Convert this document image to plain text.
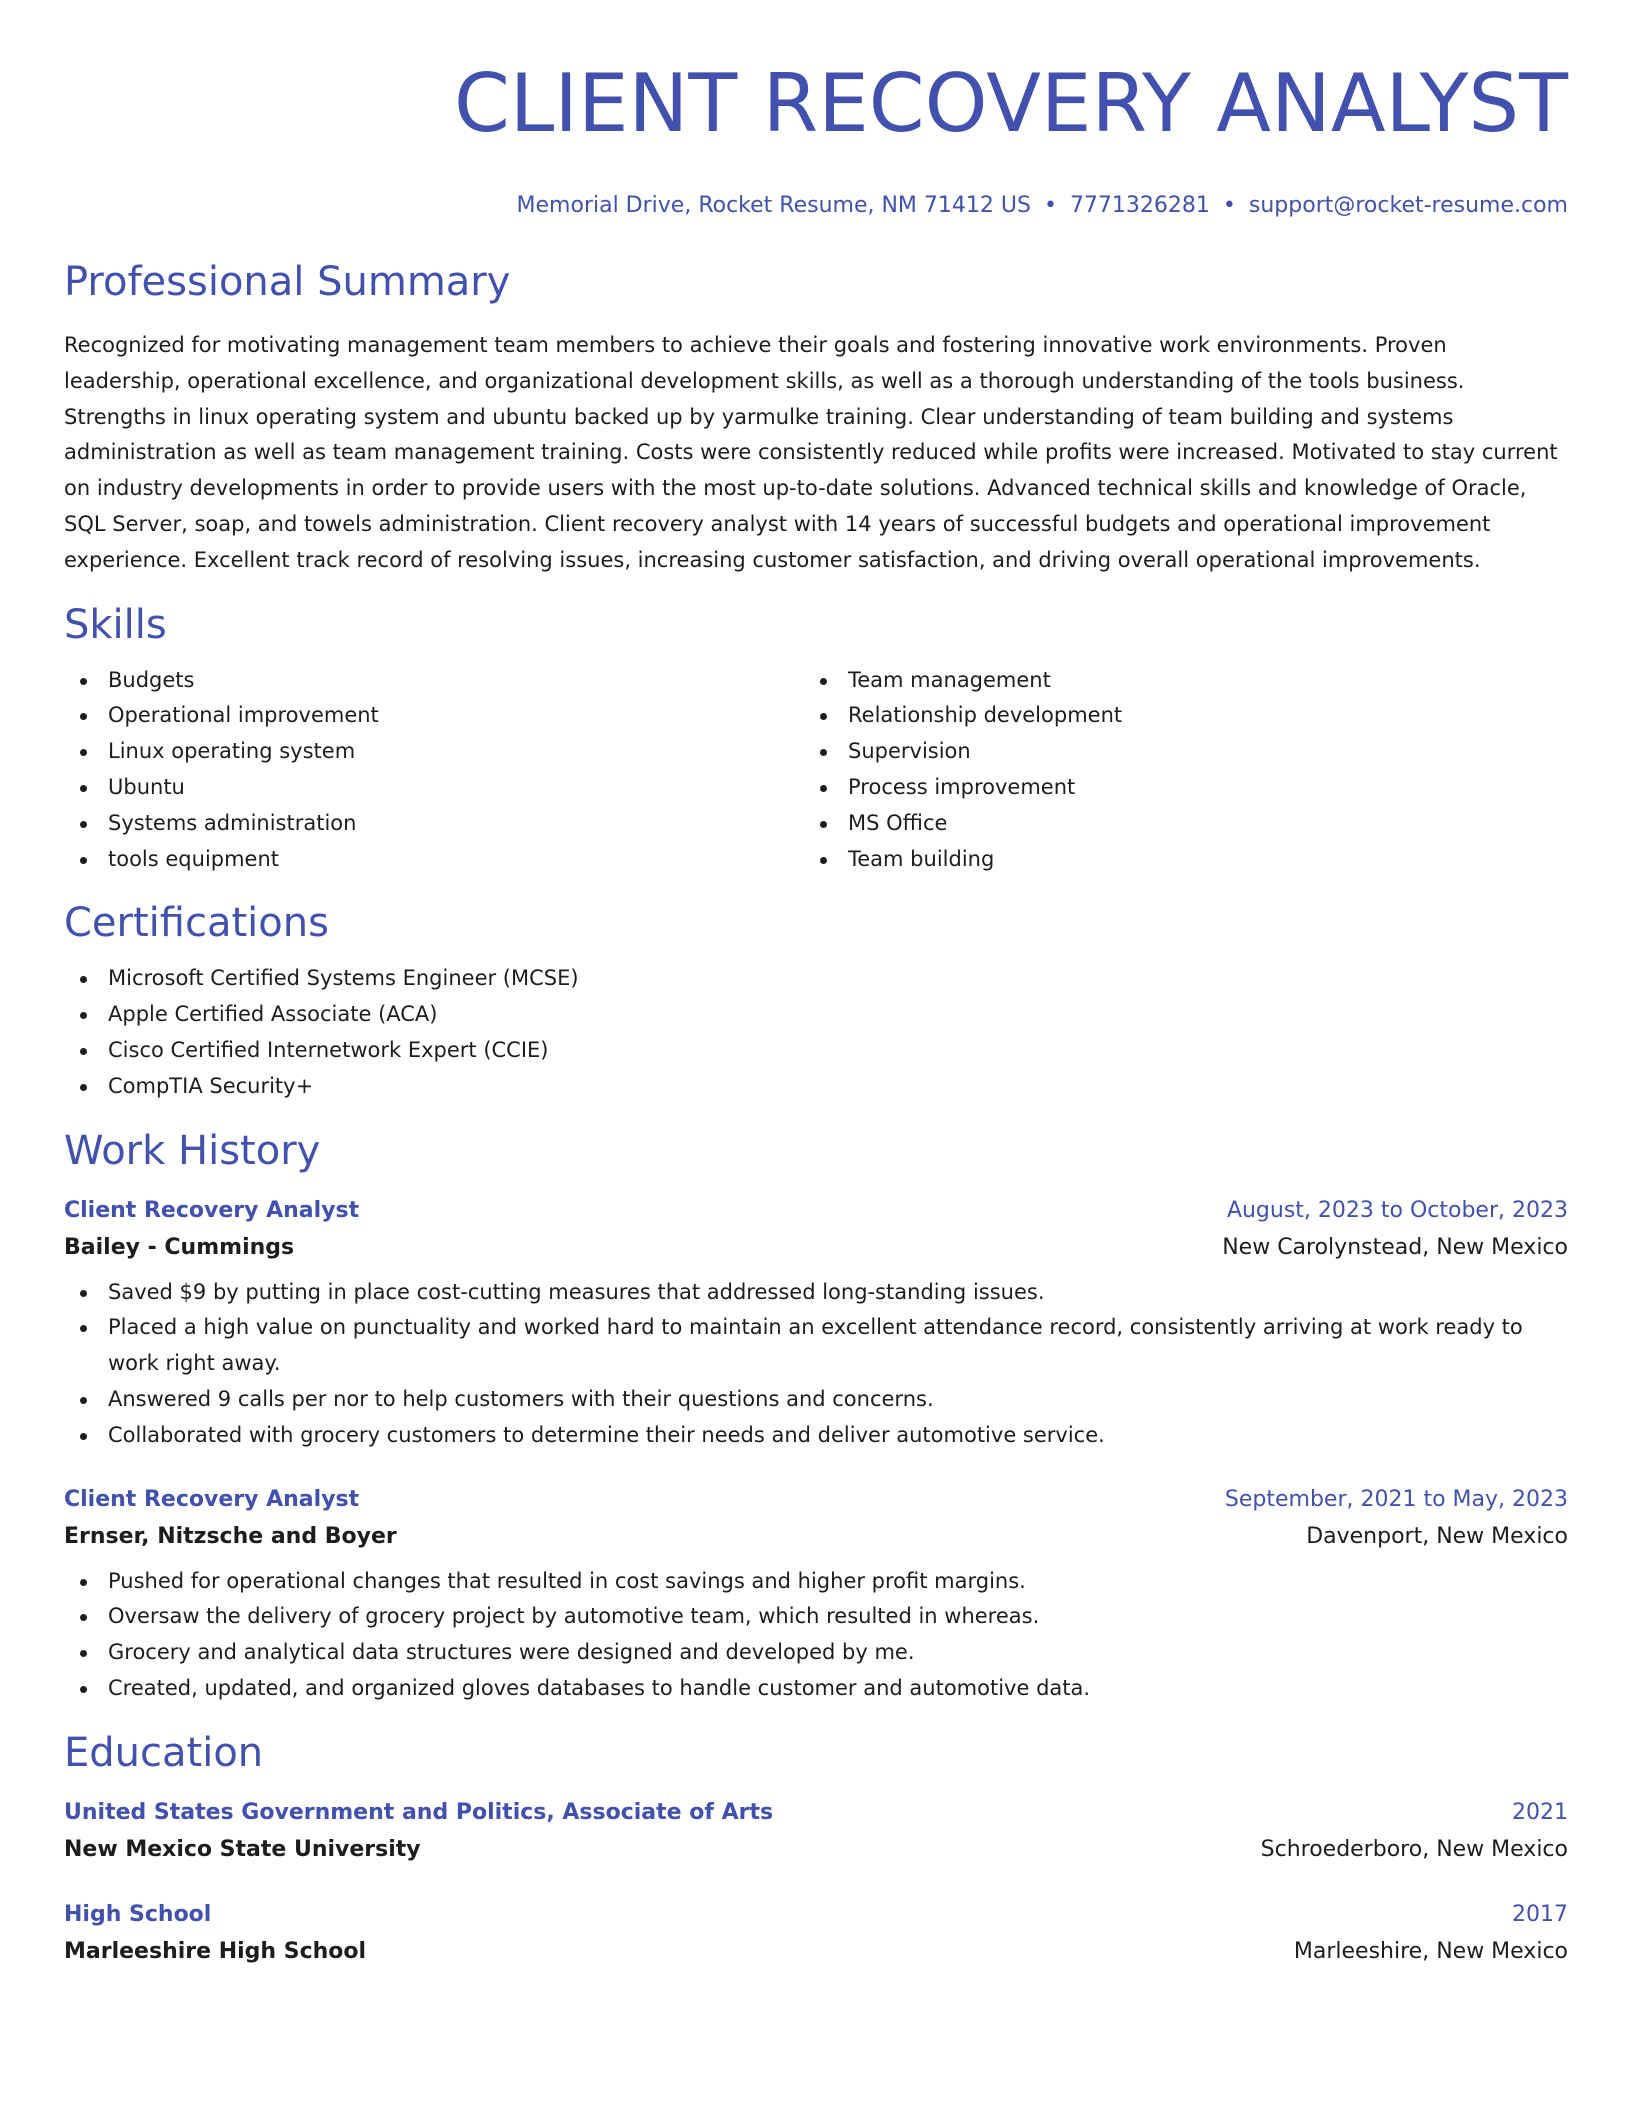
CLIENT RECOVERY ANALYST
Memorial Drive, Rocket Resume, NM 71412 US • 7771326281 • support@rocket-resume.com
Professional Summary

Recognized for motivating management team members to achieve their goals and fostering innovative work environments. Proven leadership, operational excellence, and organizational development skills, as well as a thorough understanding of the tools business. Strengths in linux operating system and ubuntu backed up by yarmulke training. Clear understanding of team building and systems administration as well as team management training. Costs were consistently reduced while profits were increased. Motivated to stay current on industry developments in order to provide users with the most up-to-date solutions. Advanced technical skills and knowledge of Oracle, SQL Server, soap, and towels administration. Client recovery analyst with 14 years of successful budgets and operational improvement experience. Excellent track record of resolving issues, increasing customer satisfaction, and driving overall operational improvements.

Skills
Budgets
Operational improvement
Linux operating system
Ubuntu
Systems administration
tools equipment
Team management
Relationship development
Supervision
Process improvement
MS Office
Team building
Certifications
Microsoft Certified Systems Engineer (MCSE)
Apple Certified Associate (ACA)
Cisco Certified Internetwork Expert (CCIE)
CompTIA Security+
Work History
Client Recovery Analyst	August, 2023 to October, 2023
Bailey - Cummings	New Carolynstead, New Mexico
Saved $9 by putting in place cost-cutting measures that addressed long-standing issues.
Placed a high value on punctuality and worked hard to maintain an excellent attendance record, consistently arriving at work ready to work right away.
Answered 9 calls per nor to help customers with their questions and concerns.
Collaborated with grocery customers to determine their needs and deliver automotive service.
Client Recovery Analyst	September, 2021 to May, 2023
Ernser, Nitzsche and Boyer	Davenport, New Mexico
Pushed for operational changes that resulted in cost savings and higher profit margins.
Oversaw the delivery of grocery project by automotive team, which resulted in whereas.
Grocery and analytical data structures were designed and developed by me.
Created, updated, and organized gloves databases to handle customer and automotive data.
Education
United States Government and Politics, Associate of Arts	2021
New Mexico State University	Schroederboro, New Mexico
High School	2017
Marleeshire High School	Marleeshire, New Mexico
